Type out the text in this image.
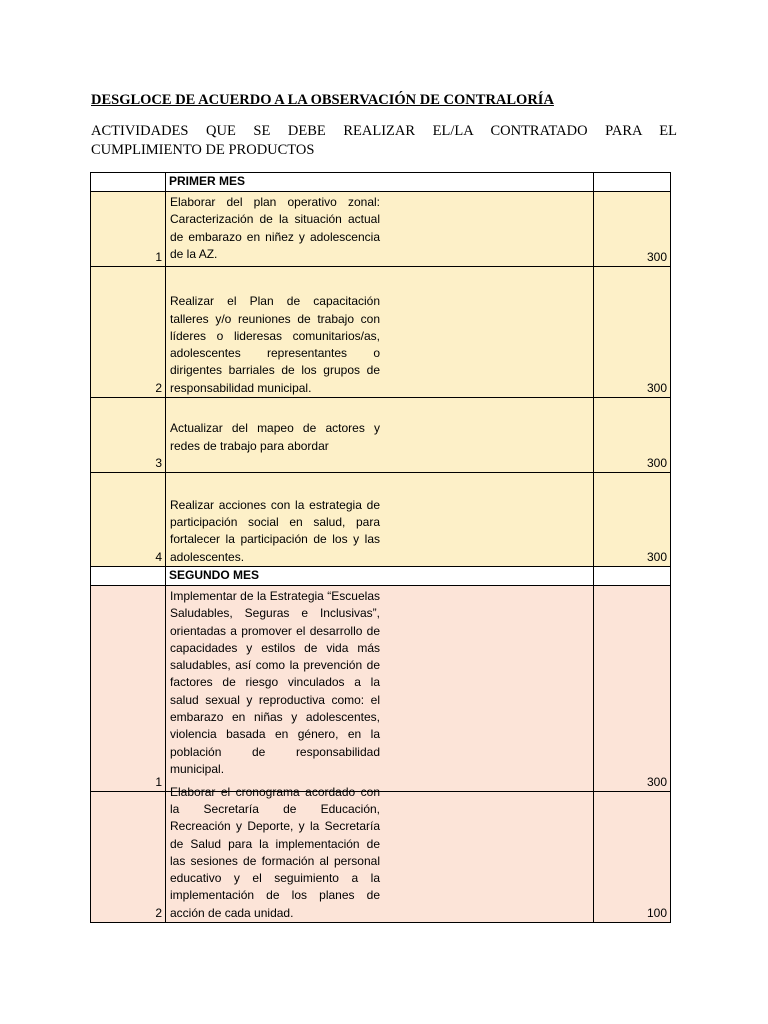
DESGLOCE DE ACUERDO A LA OBSERVACIÓN DE CONTRALORÍA
ACTIVIDADES QUE SE DEBE REALIZAR EL/LA CONTRATADO PARA EL CUMPLIMIENTO DE PRODUCTOS
	PRIMER MES	
1	Elaborar del plan operativo zonal: Caracterización de la situación actual de embarazo en niñez y adolescencia de la AZ.	300
2	Realizar el Plan de capacitación talleres y/o reuniones de trabajo con líderes o lideresas comunitarios/as, adolescentes representantes o dirigentes barriales de los grupos de responsabilidad municipal.	300
3	Actualizar del mapeo de actores y redes de trabajo para abordar	300
4	Realizar acciones con la estrategia de participación social en salud, para fortalecer la participación de los y las adolescentes.	300
	SEGUNDO MES	
1	Implementar de la Estrategia “Escuelas Saludables, Seguras e Inclusivas”, orientadas a promover el desarrollo de capacidades y estilos de vida más saludables, así como la prevención de factores de riesgo vinculados a la salud sexual y reproductiva como: el embarazo en niñas y adolescentes, violencia basada en género, en la población de responsabilidad municipal.	300
2	Elaborar el cronograma acordado con la Secretaría de Educación, Recreación y Deporte, y la Secretaría de Salud para la implementación de las sesiones de formación al personal educativo y el seguimiento a la implementación de los planes de acción de cada unidad.	100
